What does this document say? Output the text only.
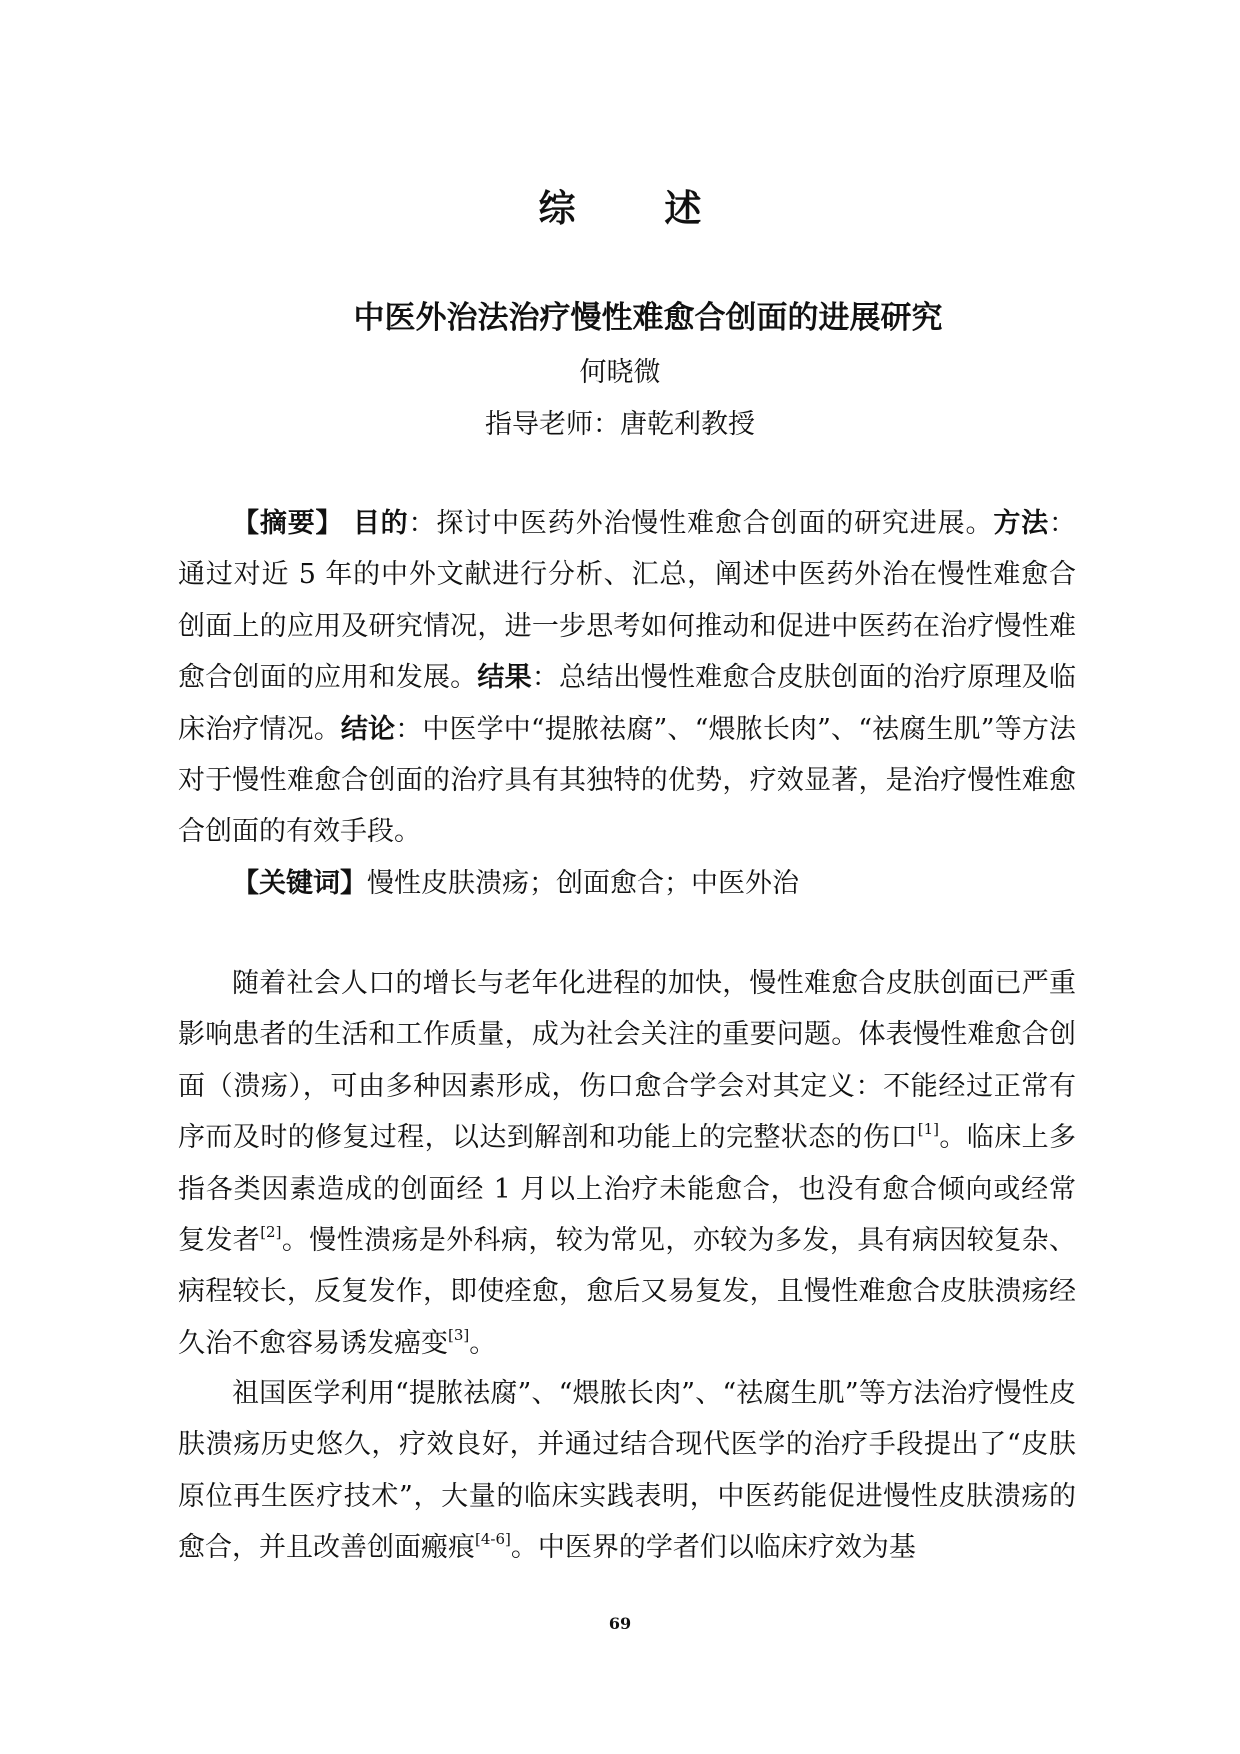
综 述
中医外治法治疗慢性难愈合创面的进展研究

何晓微

指导老师：唐乾利教授

【摘要】 目的：探讨中医药外治慢性难愈合创面的研究进展。方法：通过对近 5 年的中外文献进行分析、汇总，阐述中医药外治在慢性难愈合创面上的应用及研究情况，进一步思考如何推动和促进中医药在治疗慢性难愈合创面的应用和发展。结果：总结出慢性难愈合皮肤创面的治疗原理及临床治疗情况。结论：中医学中“提脓祛腐”、“煨脓长肉”、“祛腐生肌”等方法对于慢性难愈合创面的治疗具有其独特的优势，疗效显著，是治疗慢性难愈合创面的有效手段。

【关键词】慢性皮肤溃疡；创面愈合；中医外治

随着社会人口的增长与老年化进程的加快，慢性难愈合皮肤创面已严重影响患者的生活和工作质量，成为社会关注的重要问题。体表慢性难愈合创面（溃疡），可由多种因素形成，伤口愈合学会对其定义：不能经过正常有序而及时的修复过程，以达到解剖和功能上的完整状态的伤口[1]。临床上多指各类因素造成的创面经 1 月以上治疗未能愈合，也没有愈合倾向或经常复发者[2]。慢性溃疡是外科病，较为常见，亦较为多发，具有病因较复杂、病程较长，反复发作，即使痊愈，愈后又易复发，且慢性难愈合皮肤溃疡经久治不愈容易诱发癌变[3]。

祖国医学利用“提脓祛腐”、“煨脓长肉”、“祛腐生肌”等方法治疗慢性皮肤溃疡历史悠久，疗效良好，并通过结合现代医学的治疗手段提出了“皮肤原位再生医疗技术”，大量的临床实践表明，中医药能促进慢性皮肤溃疡的愈合，并且改善创面瘢痕[4-6]。中医界的学者们以临床疗效为基

69
